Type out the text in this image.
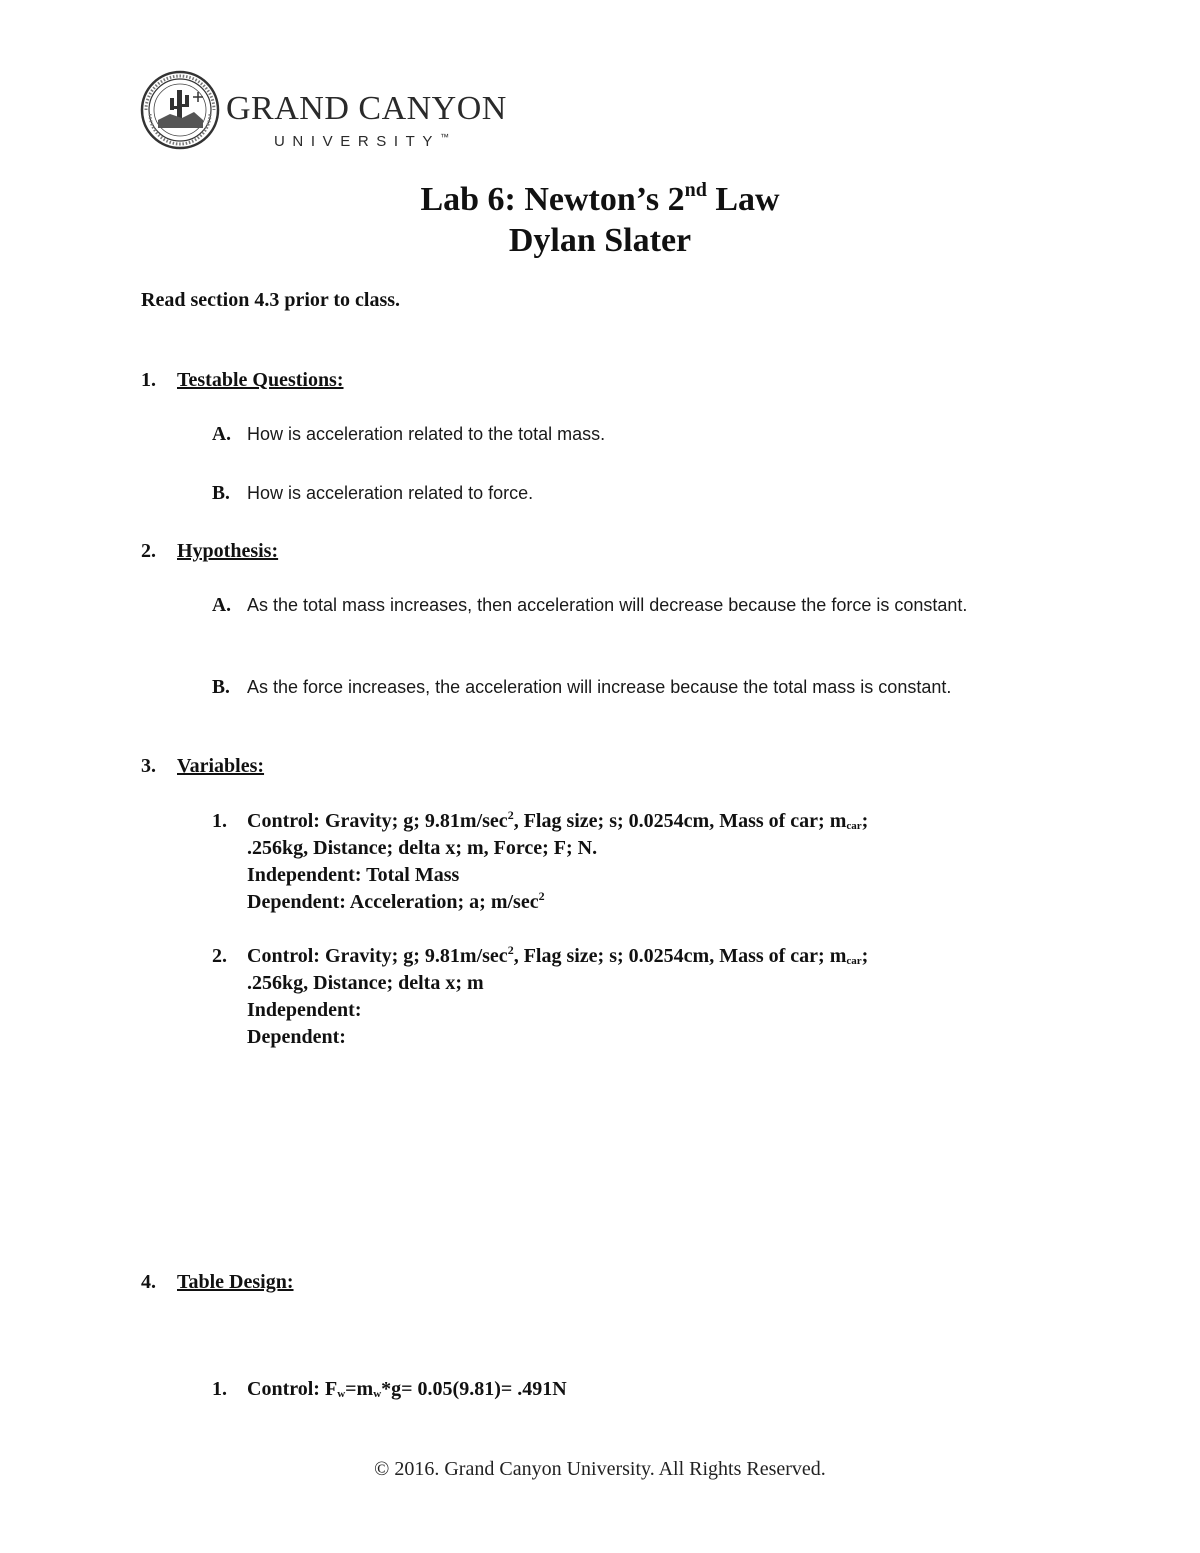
GRAND CANYON
UNIVERSITY™
Lab 6: Newton’s 2nd Law
Dylan Slater
Read section 4.3 prior to class.
1. Testable Questions:
A. How is acceleration related to the total mass.
B. How is acceleration related to force.
2. Hypothesis:
A. As the total mass increases, then acceleration will decrease because the force is constant.
B. As the force increases, the acceleration will increase because the total mass is constant.
3. Variables:
1. Control: Gravity; g; $9.81m/\sec^2$, Flag size; s; 0.0254cm, Mass of car; $m_{car}$;
.256kg, Distance; delta x; m, Force; F; N.
Independent: Total Mass
Dependent: Acceleration; a; $m/\sec^2$
2. Control: Gravity; g; $9.81m/\sec^2$, Flag size; s; 0.0254cm, Mass of car; $m_{car}$;
.256kg, Distance; delta x; m
Independent:
Dependent:
4. Table Design:
1. Control: $F_w=m_w*g= 0.05(9.81)= .491N$
© 2016. Grand Canyon University. All Rights Reserved.
